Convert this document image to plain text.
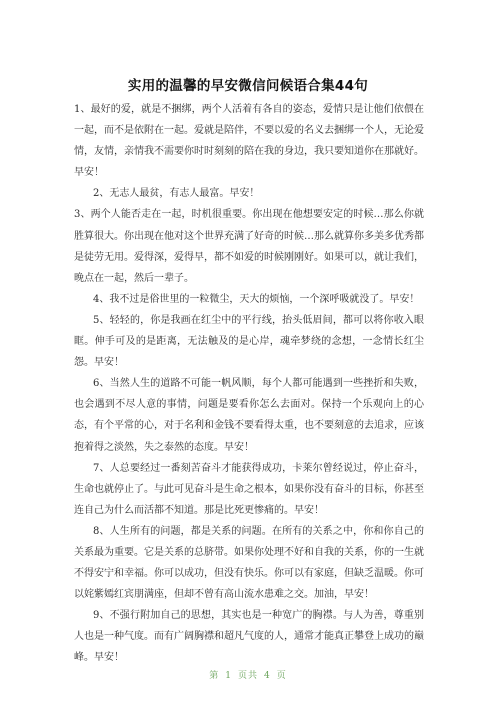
实用的温馨的早安微信问候语合集44句

1、最好的爱，就是不捆绑，两个人活着有各自的姿态，爱情只是让他们依偎在一起，而不是依附在一起。爱就是陪伴，不要以爱的名义去捆绑一个人，无论爱情，友情，亲情我不需要你时时刻刻的陪在我的身边，我只要知道你在那就好。早安！

2、无志人最贫，有志人最富。早安！

3、两个人能否走在一起，时机很重要。你出现在他想要安定的时候…那么你就胜算很大。你出现在他对这个世界充满了好奇的时候…那么就算你多美多优秀都是徒劳无用。爱得深，爱得早，都不如爱的时候刚刚好。如果可以，就让我们，晚点在一起，然后一辈子。

4、我不过是俗世里的一粒微尘，天大的烦恼，一个深呼吸就没了。早安！

5、轻轻的，你是我画在红尘中的平行线，抬头低眉间，都可以将你收入眼眶。伸手可及的是距离，无法触及的是心岸，魂牵梦绕的念想，一念情长红尘怨。早安！

6、当然人生的道路不可能一帆风顺，每个人都可能遇到一些挫折和失败，也会遇到不尽人意的事情，问题是要看你怎么去面对。保持一个乐观向上的心态，有个平常的心，对于名利和金钱不要看得太重，也不要刻意的去追求，应该抱着得之淡然，失之泰然的态度。早安！

7、人总要经过一番刻苦奋斗才能获得成功，卡莱尔曾经说过，停止奋斗，生命也就停止了。与此可见奋斗是生命之根本，如果你没有奋斗的目标，你甚至连自己为什么而活都不知道。那是比死更惨痛的。早安！

8、人生所有的问题，都是关系的问题。在所有的关系之中，你和你自己的关系最为重要。它是关系的总脐带。如果你处理不好和自我的关系，你的一生就不得安宁和幸福。你可以成功，但没有快乐。你可以有家庭，但缺乏温暖。你可以姹紫嫣红宾朋满座，但却不曾有高山流水患难之交。加油，早安！

9、不强行附加自己的思想，其实也是一种宽广的胸襟。与人为善，尊重别人也是一种气度。而有广阔胸襟和超凡气度的人，通常才能真正攀登上成功的巅峰。早安！

第 1 页共 4 页
